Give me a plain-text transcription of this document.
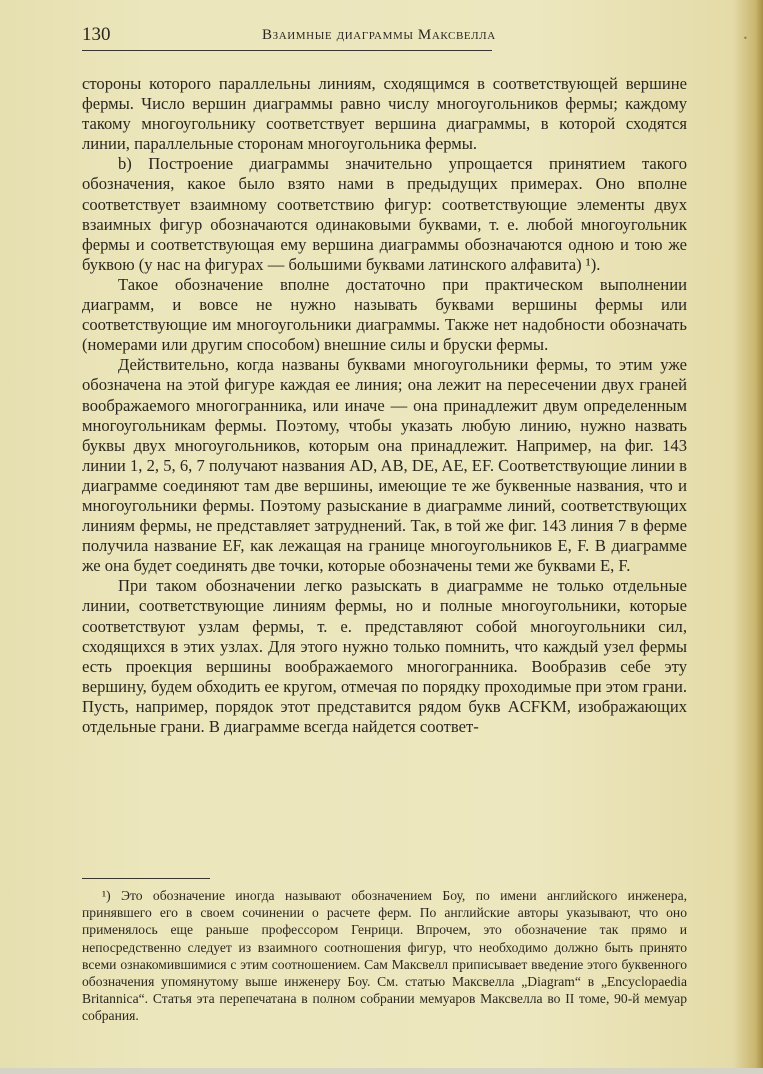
130	Взаимные диаграммы Максвелла	•

стороны которого параллельны линиям, сходящимся в соответствующей вершине фермы. Число вершин диаграммы равно числу многоугольников фермы; каждому такому многоугольнику соответствует вершина диаграммы, в которой сходятся линии, параллельные сторонам многоугольника фермы.

b) Построение диаграммы значительно упрощается принятием такого обозначения, какое было взято нами в предыдущих примерах. Оно вполне соответствует взаимному соответствию фигур: соответствующие элементы двух взаимных фигур обозначаются одинаковыми буквами, т. е. любой многоугольник фермы и соответствующая ему вершина диаграммы обозначаются одною и тою же буквою (у нас на фигурах — большими буквами латинского алфавита) ¹).

Такое обозначение вполне достаточно при практическом выполнении диаграмм, и вовсе не нужно называть буквами вершины фермы или соответствующие им многоугольники диаграммы. Также нет надобности обозначать (номерами или другим способом) внешние силы и бруски фермы.

Действительно, когда названы буквами многоугольники фермы, то этим уже обозначена на этой фигуре каждая ее линия; она лежит на пересечении двух граней воображаемого многогранника, или иначе — она принадлежит двум определенным многоугольникам фермы. Поэтому, чтобы указать любую линию, нужно назвать буквы двух многоугольников, которым она принадлежит. Например, на фиг. 143 линии 1, 2, 5, 6, 7 получают названия AD, AB, DE, AE, EF. Соответствующие линии в диаграмме соединяют там две вершины, имеющие те же буквенные названия, что и многоугольники фермы. Поэтому разыскание в диаграмме линий, соответствующих линиям фермы, не представляет затруднений. Так, в той же фиг. 143 линия 7 в ферме получила название EF, как лежащая на границе многоугольников E, F. В диаграмме же она будет соединять две точки, которые обозначены теми же буквами E, F.

При таком обозначении легко разыскать в диаграмме не только отдельные линии, соответствующие линиям фермы, но и полные многоугольники, которые соответствуют узлам фермы, т. е. представляют собой многоугольники сил, сходящихся в этих узлах. Для этого нужно только помнить, что каждый узел фермы есть проекция вершины воображаемого многогранника. Вообразив себе эту вершину, будем обходить ее кругом, отмечая по порядку проходимые при этом грани. Пусть, например, порядок этот представится рядом букв ACFKM, изображающих отдельные грани. В диаграмме всегда найдется соответ-

¹) Это обозначение иногда называют обозначением Боу, по имени английского инженера, принявшего его в своем сочинении о расчете ферм. По английские авторы указывают, что оно применялось еще раньше профессором Генрици. Впрочем, это обозначение так прямо и непосредственно следует из взаимного соотношения фигур, что необходимо должно быть принято всеми ознакомившимися с этим соотношением. Сам Максвелл приписывает введение этого буквенного обозначения упомянутому выше инженеру Боу. См. статью Максвелла „Diagram“ в „Encyclopaedia Britannica“. Статья эта перепечатана в полном собрании мемуаров Максвелла во II томе, 90-й мемуар собрания.
